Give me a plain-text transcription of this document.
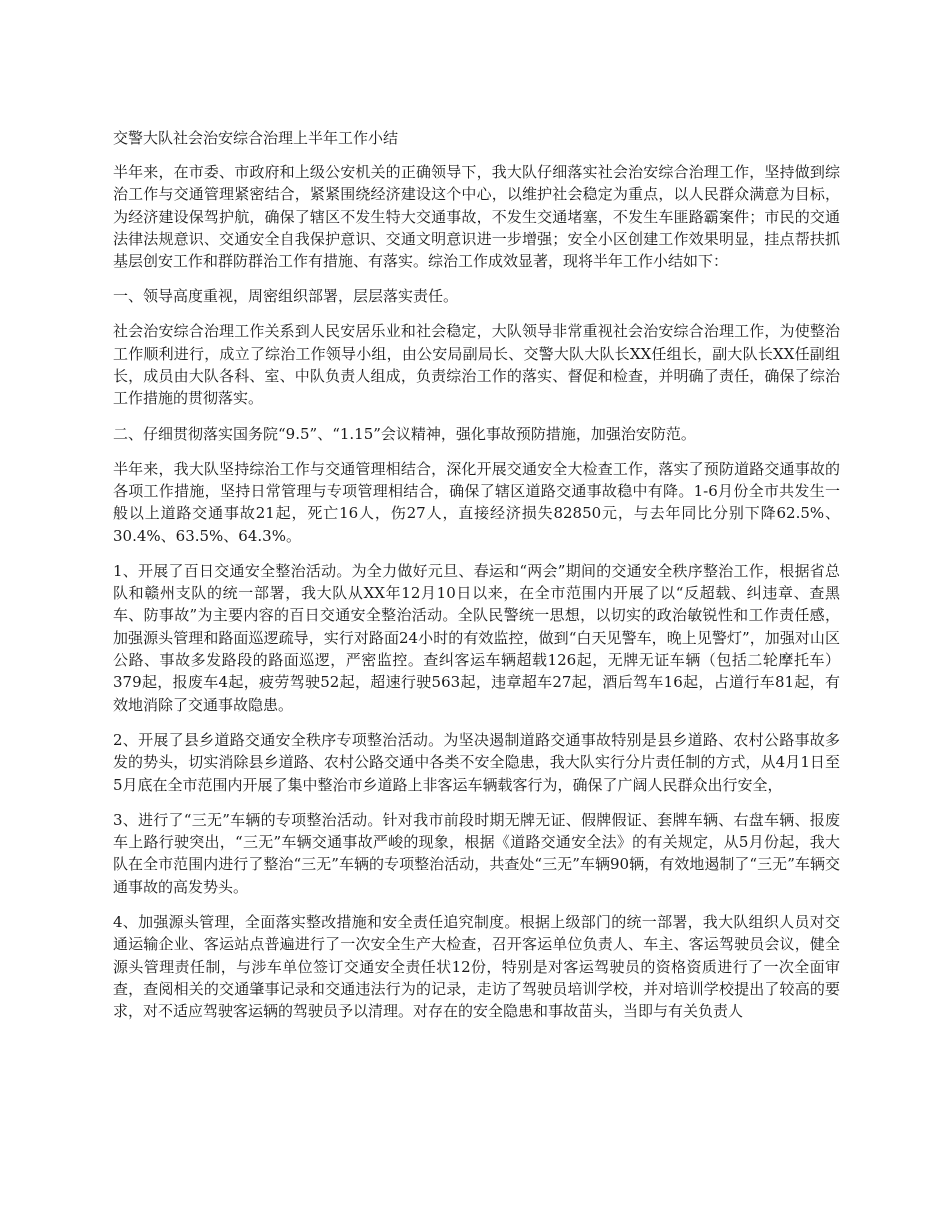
交警大队社会治安综合治理上半年工作小结

半年来，在市委、市政府和上级公安机关的正确领导下，我大队仔细落实社会治安综合治理工作，坚持做到综治工作与交通管理紧密结合，紧紧围绕经济建设这个中心，以维护社会稳定为重点，以人民群众满意为目标，为经济建设保驾护航，确保了辖区不发生特大交通事故，不发生交通堵塞，不发生车匪路霸案件；市民的交通法律法规意识、交通安全自我保护意识、交通文明意识进一步增强；安全小区创建工作效果明显，挂点帮扶抓基层创安工作和群防群治工作有措施、有落实。综治工作成效显著，现将半年工作小结如下：

一、领导高度重视，周密组织部署，层层落实责任。

社会治安综合治理工作关系到人民安居乐业和社会稳定，大队领导非常重视社会治安综合治理工作，为使整治工作顺利进行，成立了综治工作领导小组，由公安局副局长、交警大队大队长XX任组长，副大队长XX任副组长，成员由大队各科、室、中队负责人组成，负责综治工作的落实、督促和检查，并明确了责任，确保了综治工作措施的贯彻落实。

二、仔细贯彻落实国务院“9.5”、“1.15”会议精神，强化事故预防措施，加强治安防范。

半年来，我大队坚持综治工作与交通管理相结合，深化开展交通安全大检查工作，落实了预防道路交通事故的各项工作措施，坚持日常管理与专项管理相结合，确保了辖区道路交通事故稳中有降。1-6月份全市共发生一般以上道路交通事故21起，死亡16人，伤27人，直接经济损失82850元，与去年同比分别下降62.5%、30.4%、63.5%、64.3%。

1、开展了百日交通安全整治活动。为全力做好元旦、春运和“两会”期间的交通安全秩序整治工作，根据省总队和赣州支队的统一部署，我大队从XX年12月10日以来，在全市范围内开展了以“反超载、纠违章、查黑车、防事故”为主要内容的百日交通安全整治活动。全队民警统一思想，以切实的政治敏锐性和工作责任感，加强源头管理和路面巡逻疏导，实行对路面24小时的有效监控，做到“白天见警车，晚上见警灯”，加强对山区公路、事故多发路段的路面巡逻，严密监控。查纠客运车辆超载126起，无牌无证车辆（包括二轮摩托车）379起，报废车4起，疲劳驾驶52起，超速行驶563起，违章超车27起，酒后驾车16起，占道行车81起，有效地消除了交通事故隐患。

2、开展了县乡道路交通安全秩序专项整治活动。为坚决遏制道路交通事故特别是县乡道路、农村公路事故多发的势头，切实消除县乡道路、农村公路交通中各类不安全隐患，我大队实行分片责任制的方式，从4月1日至5月底在全市范围内开展了集中整治市乡道路上非客运车辆载客行为，确保了广阔人民群众出行安全，

3、进行了“三无”车辆的专项整治活动。针对我市前段时期无牌无证、假牌假证、套牌车辆、右盘车辆、报废车上路行驶突出，“三无”车辆交通事故严峻的现象，根据《道路交通安全法》的有关规定，从5月份起，我大队在全市范围内进行了整治“三无”车辆的专项整治活动，共查处“三无”车辆90辆，有效地遏制了“三无”车辆交通事故的高发势头。

4、加强源头管理，全面落实整改措施和安全责任追究制度。根据上级部门的统一部署，我大队组织人员对交通运输企业、客运站点普遍进行了一次安全生产大检查，召开客运单位负责人、车主、客运驾驶员会议，健全源头管理责任制，与涉车单位签订交通安全责任状12份，特别是对客运驾驶员的资格资质进行了一次全面审查，查阅相关的交通肇事记录和交通违法行为的记录，走访了驾驶员培训学校，并对培训学校提出了较高的要求，对不适应驾驶客运辆的驾驶员予以清理。对存在的安全隐患和事故苗头，当即与有关负责人
